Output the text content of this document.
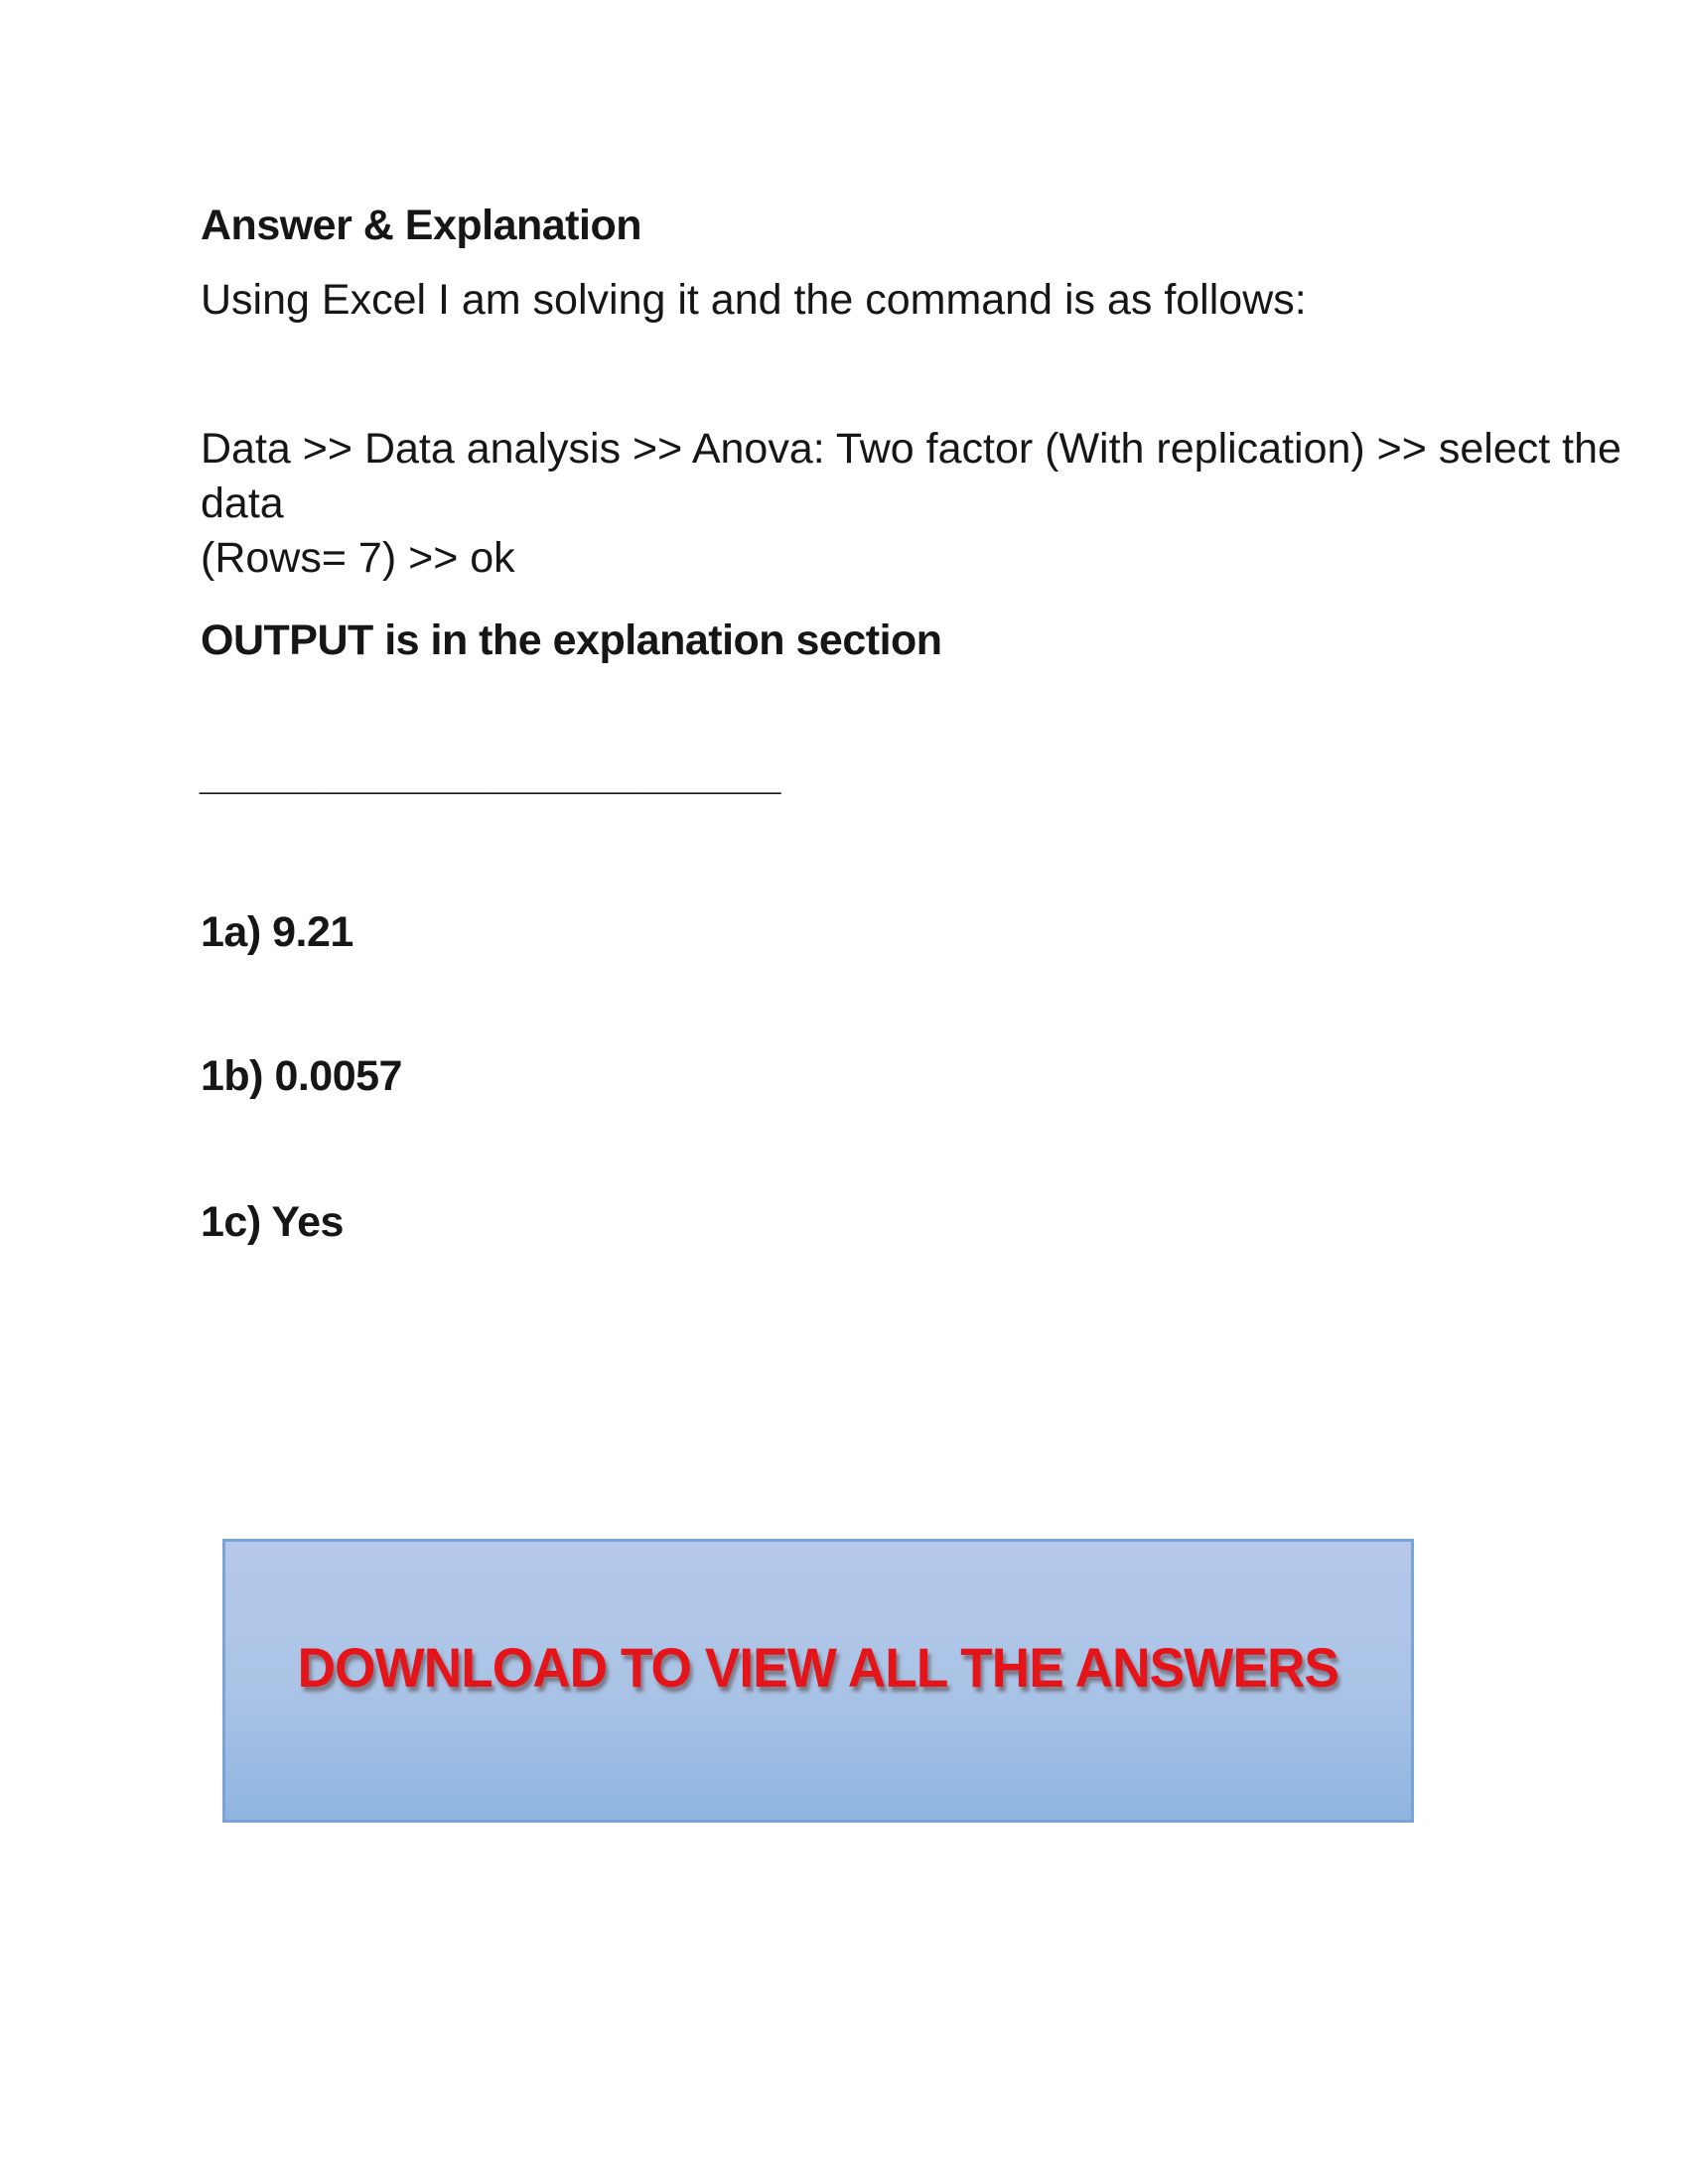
Answer & Explanation
Using Excel I am solving it and the command is as follows:
Data >> Data analysis >> Anova: Two factor (With replication) >> select the data
(Rows= 7) >> ok
OUTPUT is in the explanation section
________________________
1a) 9.21
1b) 0.0057
1c) Yes
DOWNLOAD TO VIEW ALL THE ANSWERS
